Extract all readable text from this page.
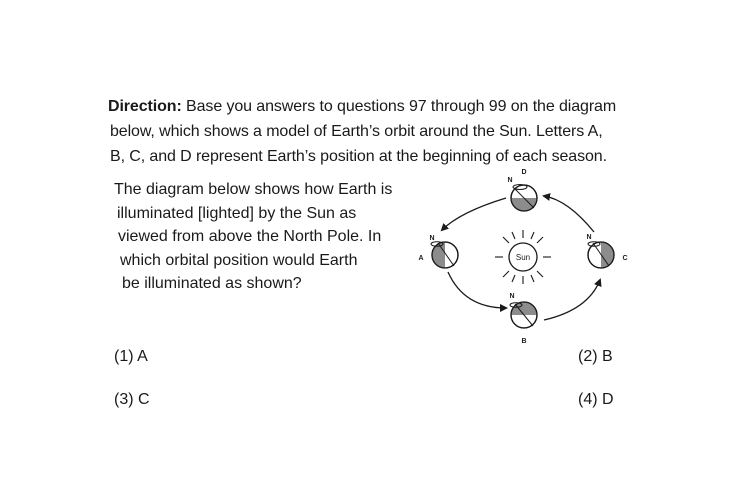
Direction: Base you answers to questions 97 through 99 on the diagram
below, which shows a model of Earth’s orbit around the Sun. Letters A,
B, C, and D represent Earth’s position at the beginning of each season.
The diagram below shows how Earth is
illuminated [lighted] by the Sun as
viewed from above the North Pole. In
which orbital position would Earth
be illuminated as shown?
Sun
D
A
N
C
N
B
N
N
(1) A	(2) B
(3) C	(4) D
